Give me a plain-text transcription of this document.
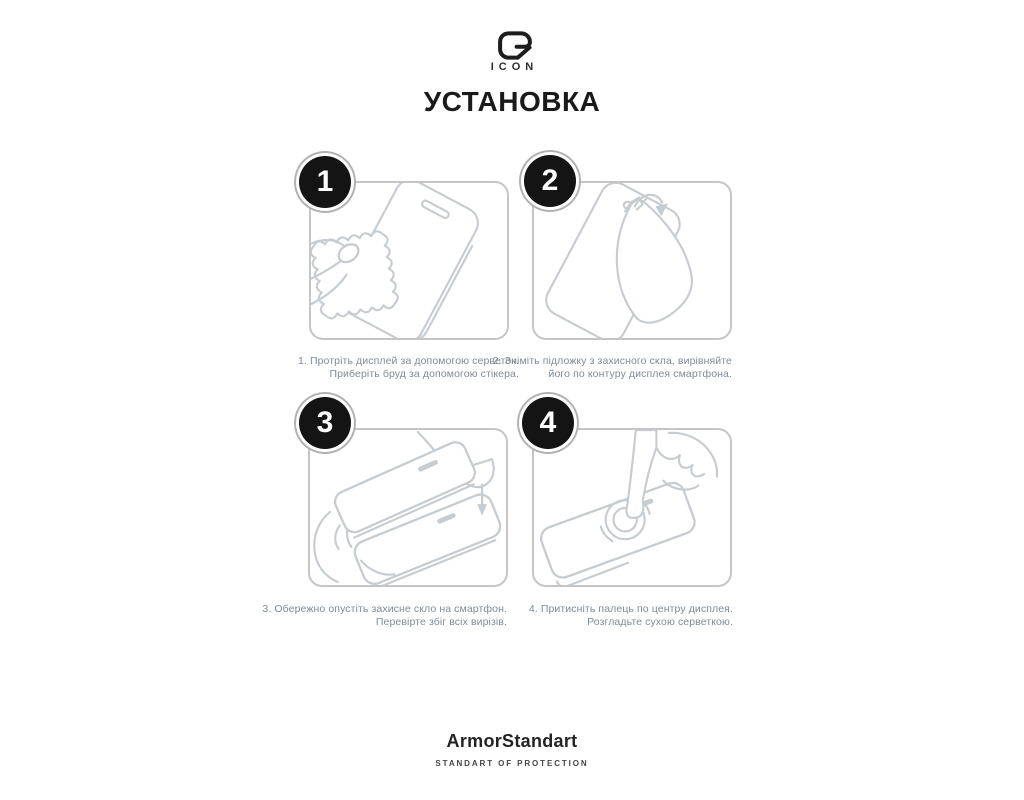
ICON
УСТАНОВКА
1	2
3	4
1. Протріть дисплей за допомогою серветок.
Приберіть бруд за допомогою стікера.
2. Зніміть підложку з захисного скла, вирівняйте
його по контуру дисплея смартфона.
3. Обережно опустіть захисне скло на смартфон.
Перевірте збіг всіх вирізів.
4. Притисніть палець по центру дисплея.
Розгладьте сухою серветкою.
ArmorStandart
STANDART OF PROTECTION
